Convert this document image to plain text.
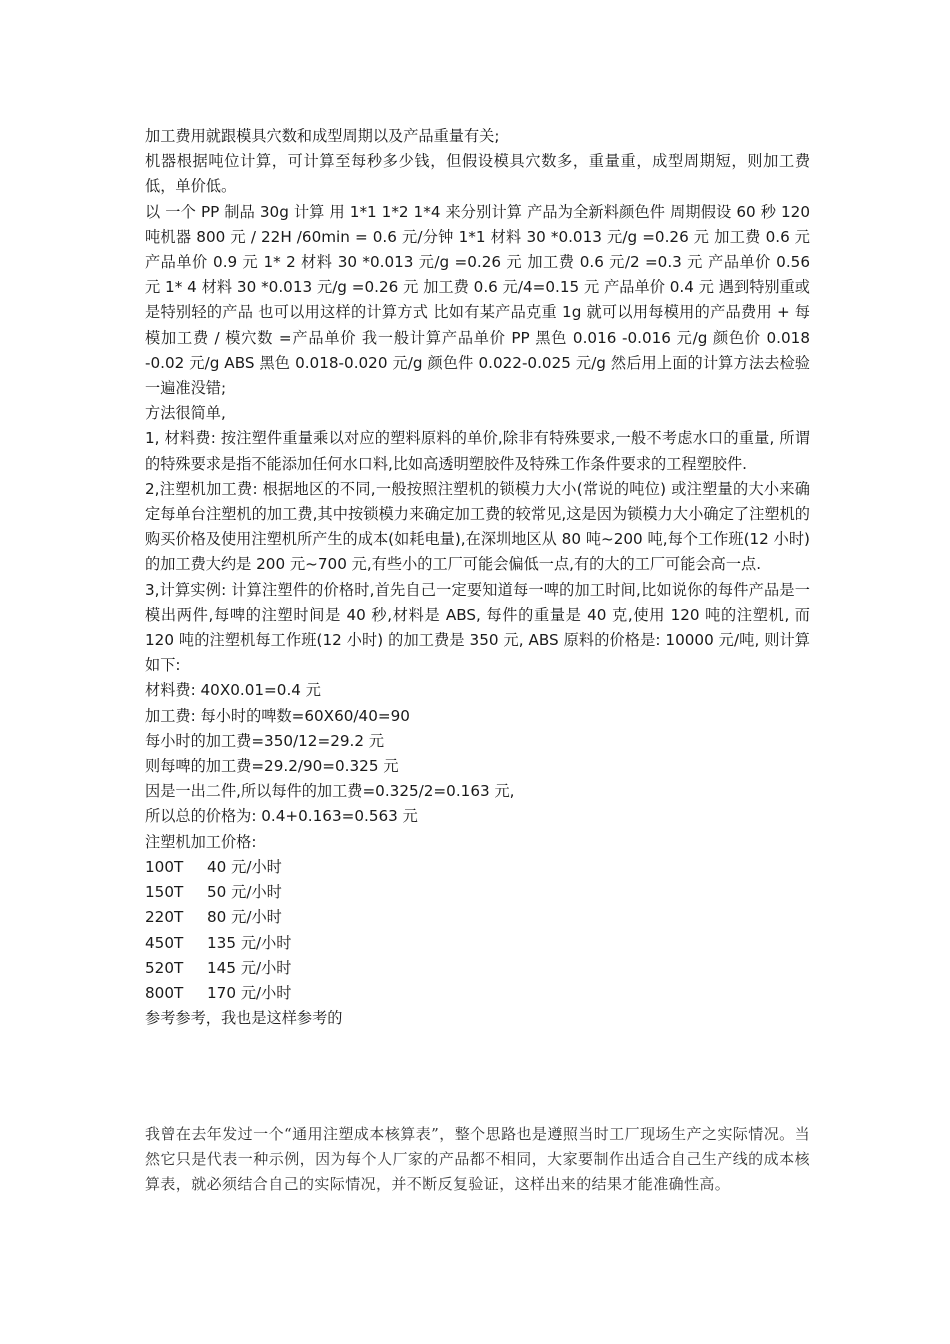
加工费用就跟模具穴数和成型周期以及产品重量有关;

机器根据吨位计算，可计算至每秒多少钱，但假设模具穴数多，重量重，成型周期短，则加工费低，单价低。

以 一个 PP 制品 30g 计算 用 1*1 1*2 1*4 来分别计算 产品为全新料颜色件 周期假设 60 秒 120 吨机器 800 元 / 22H /60min = 0.6 元/分钟 1*1 材料 30 *0.013 元/g =0.26 元 加工费 0.6 元 产品单价 0.9 元 1* 2 材料 30 *0.013 元/g =0.26 元 加工费 0.6 元/2 =0.3 元 产品单价 0.56 元 1* 4 材料 30 *0.013 元/g =0.26 元 加工费 0.6 元/4=0.15 元 产品单价 0.4 元 遇到特别重或是特别轻的产品 也可以用这样的计算方式 比如有某产品克重 1g 就可以用每模用的产品费用 + 每模加工费 / 模穴数 =产品单价 我一般计算产品单价 PP 黑色 0.016 -0.016 元/g 颜色价 0.018 -0.02 元/g ABS 黑色 0.018-0.020 元/g 颜色件 0.022-0.025 元/g 然后用上面的计算方法去检验一遍准没错;

方法很简单,

1, 材料费: 按注塑件重量乘以对应的塑料原料的单价,除非有特殊要求,一般不考虑水口的重量, 所谓的特殊要求是指不能添加任何水口料,比如高透明塑胶件及特殊工作条件要求的工程塑胶件.

2,注塑机加工费: 根据地区的不同,一般按照注塑机的锁模力大小(常说的吨位) 或注塑量的大小来确定每单台注塑机的加工费,其中按锁模力来确定加工费的较常见,这是因为锁模力大小确定了注塑机的购买价格及使用注塑机所产生的成本(如耗电量),在深圳地区从 80 吨~200 吨,每个工作班(12 小时)的加工费大约是 200 元~700 元,有些小的工厂可能会偏低一点,有的大的工厂可能会高一点.

3,计算实例: 计算注塑件的价格时,首先自己一定要知道每一啤的加工时间,比如说你的每件产品是一模出两件,每啤的注塑时间是 40 秒,材料是 ABS, 每件的重量是 40 克,使用 120 吨的注塑机, 而 120 吨的注塑机每工作班(12 小时) 的加工费是 350 元, ABS 原料的价格是: 10000 元/吨, 则计算如下:

材料费: 40X0.01=0.4 元

加工费: 每小时的啤数=60X60/40=90

每小时的加工费=350/12=29.2 元

则每啤的加工费=29.2/90=0.325 元

因是一出二件,所以每件的加工费=0.325/2=0.163 元,

所以总的价格为: 0.4+0.163=0.563 元

注塑机加工价格:

100T 40 元/小时

150T 50 元/小时

220T 80 元/小时

450T 135 元/小时

520T 145 元/小时

800T 170 元/小时

参考参考，我也是这样参考的

我曾在去年发过一个“通用注塑成本核算表”，整个思路也是遵照当时工厂现场生产之实际情况。当然它只是代表一种示例，因为每个人厂家的产品都不相同，大家要制作出适合自己生产线的成本核算表，就必须结合自己的实际情况，并不断反复验证，这样出来的结果才能准确性高。
